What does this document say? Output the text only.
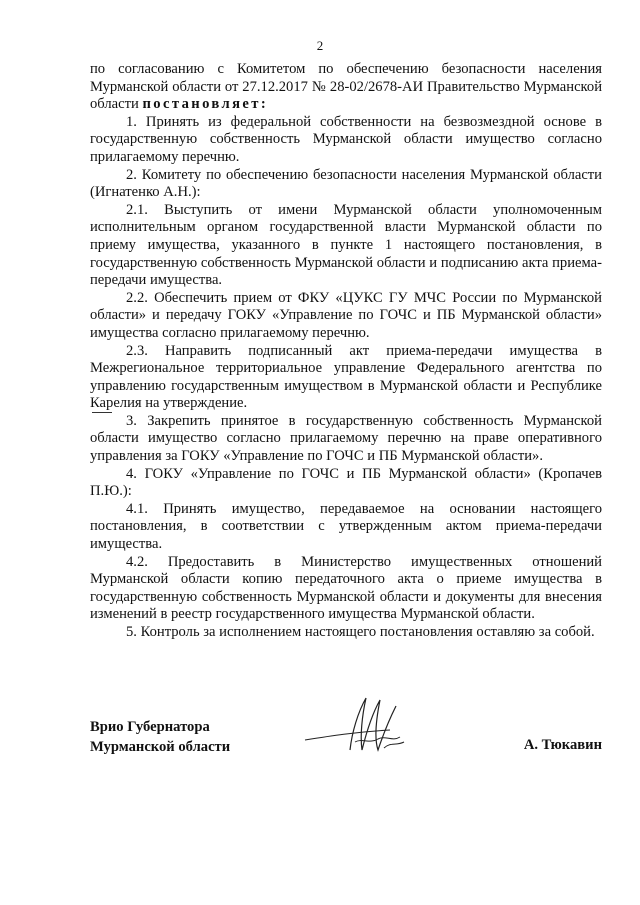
2

по согласованию с Комитетом по обеспечению безопасности населения Мурманской области от 27.12.2017 № 28-02/2678-АИ Правительство Мурманской области постановляет:

1. Принять из федеральной собственности на безвозмездной основе в государственную собственность Мурманской области имущество согласно прилагаемому перечню.

2. Комитету по обеспечению безопасности населения Мурманской области (Игнатенко А.Н.):

2.1. Выступить от имени Мурманской области уполномоченным исполнительным органом государственной власти Мурманской области по приему имущества, указанного в пункте 1 настоящего постановления, в государственную собственность Мурманской области и подписанию акта приема-передачи имущества.

2.2. Обеспечить прием от ФКУ «ЦУКС ГУ МЧС России по Мурманской области» и передачу ГОКУ «Управление по ГОЧС и ПБ Мурманской области» имущества согласно прилагаемому перечню.

2.3. Направить подписанный акт приема-передачи имущества в Межрегиональное территориальное управление Федерального агентства по управлению государственным имуществом в Мурманской области и Республике Карелия на утверждение.

3. Закрепить принятое в государственную собственность Мурманской области имущество согласно прилагаемому перечню на праве оперативного управления за ГОКУ «Управление по ГОЧС и ПБ Мурманской области».

4. ГОКУ «Управление по ГОЧС и ПБ Мурманской области» (Кропачев П.Ю.):

4.1. Принять имущество, передаваемое на основании настоящего постановления, в соответствии с утвержденным актом приема-передачи имущества.

4.2. Предоставить в Министерство имущественных отношений Мурманской области копию передаточного акта о приеме имущества в государственную собственность Мурманской области и документы для внесения изменений в реестр государственного имущества Мурманской области.

5. Контроль за исполнением настоящего постановления оставляю за собой.

Врио Губернатора
Мурманской области	А. Тюкавин
